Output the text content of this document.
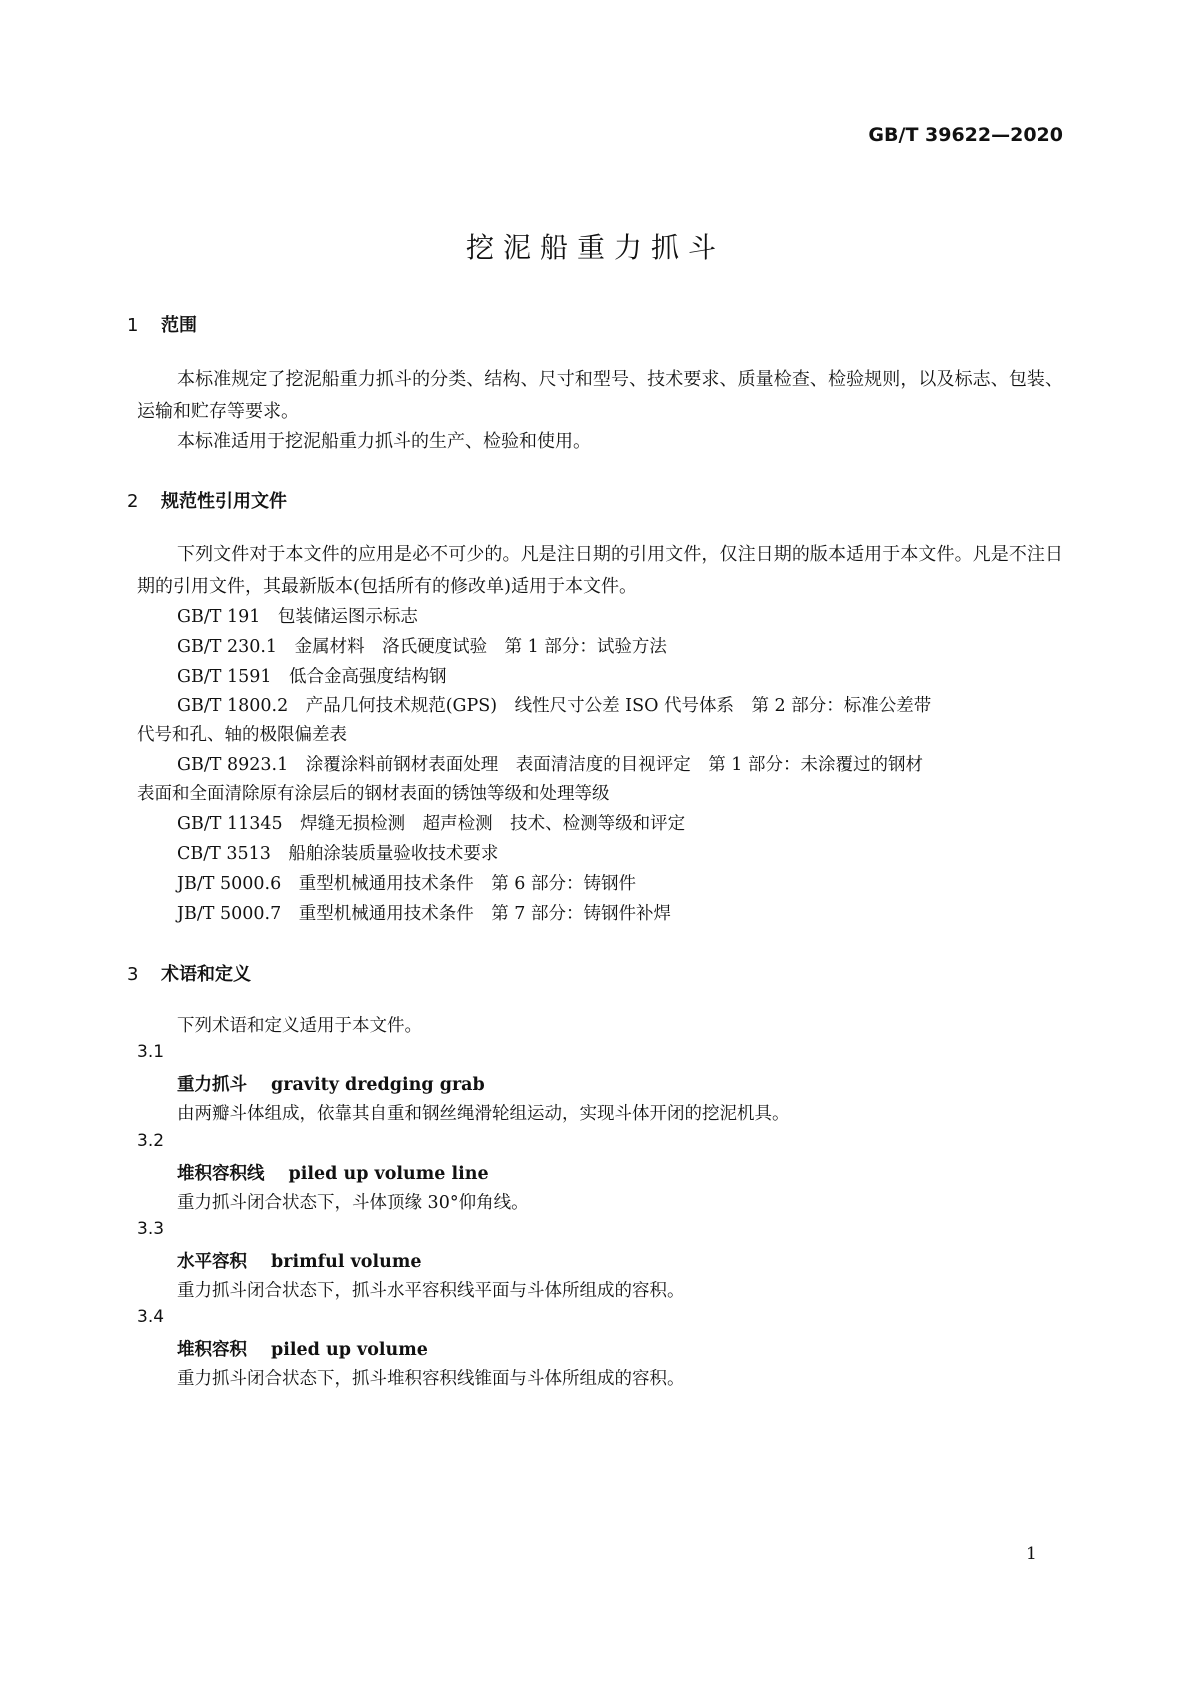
GB/T 39622—2020
挖泥船重力抓斗
1 范围
本标准规定了挖泥船重力抓斗的分类、结构、尺寸和型号、技术要求、质量检查、检验规则，以及标志、包装、运输和贮存等要求。
本标准适用于挖泥船重力抓斗的生产、检验和使用。
2 规范性引用文件
下列文件对于本文件的应用是必不可少的。凡是注日期的引用文件，仅注日期的版本适用于本文件。凡是不注日期的引用文件，其最新版本(包括所有的修改单)适用于本文件。
GB/T 191　 包装储运图示标志
GB/T 230.1　 金属材料　洛氏硬度试验　第 1 部分：试验方法
GB/T 1591　 低合金高强度结构钢
GB/T 1800.2　 产品几何技术规范(GPS)　线性尺寸公差 ISO 代号体系　第 2 部分：标准公差带
代号和孔、轴的极限偏差表
GB/T 8923.1　 涂覆涂料前钢材表面处理　表面清洁度的目视评定　第 1 部分：未涂覆过的钢材
表面和全面清除原有涂层后的钢材表面的锈蚀等级和处理等级
GB/T 11345　 焊缝无损检测　超声检测　技术、检测等级和评定
CB/T 3513　 船舶涂装质量验收技术要求
JB/T 5000.6　 重型机械通用技术条件　第 6 部分：铸钢件
JB/T 5000.7　 重型机械通用技术条件　第 7 部分：铸钢件补焊
3 术语和定义
下列术语和定义适用于本文件。
3.1
重力抓斗 gravity dredging grab
由两瓣斗体组成，依靠其自重和钢丝绳滑轮组运动，实现斗体开闭的挖泥机具。
3.2
堆积容积线 piled up volume line
重力抓斗闭合状态下，斗体顶缘 30°仰角线。
3.3
水平容积 brimful volume
重力抓斗闭合状态下，抓斗水平容积线平面与斗体所组成的容积。
3.4
堆积容积 piled up volume
重力抓斗闭合状态下，抓斗堆积容积线锥面与斗体所组成的容积。
1
